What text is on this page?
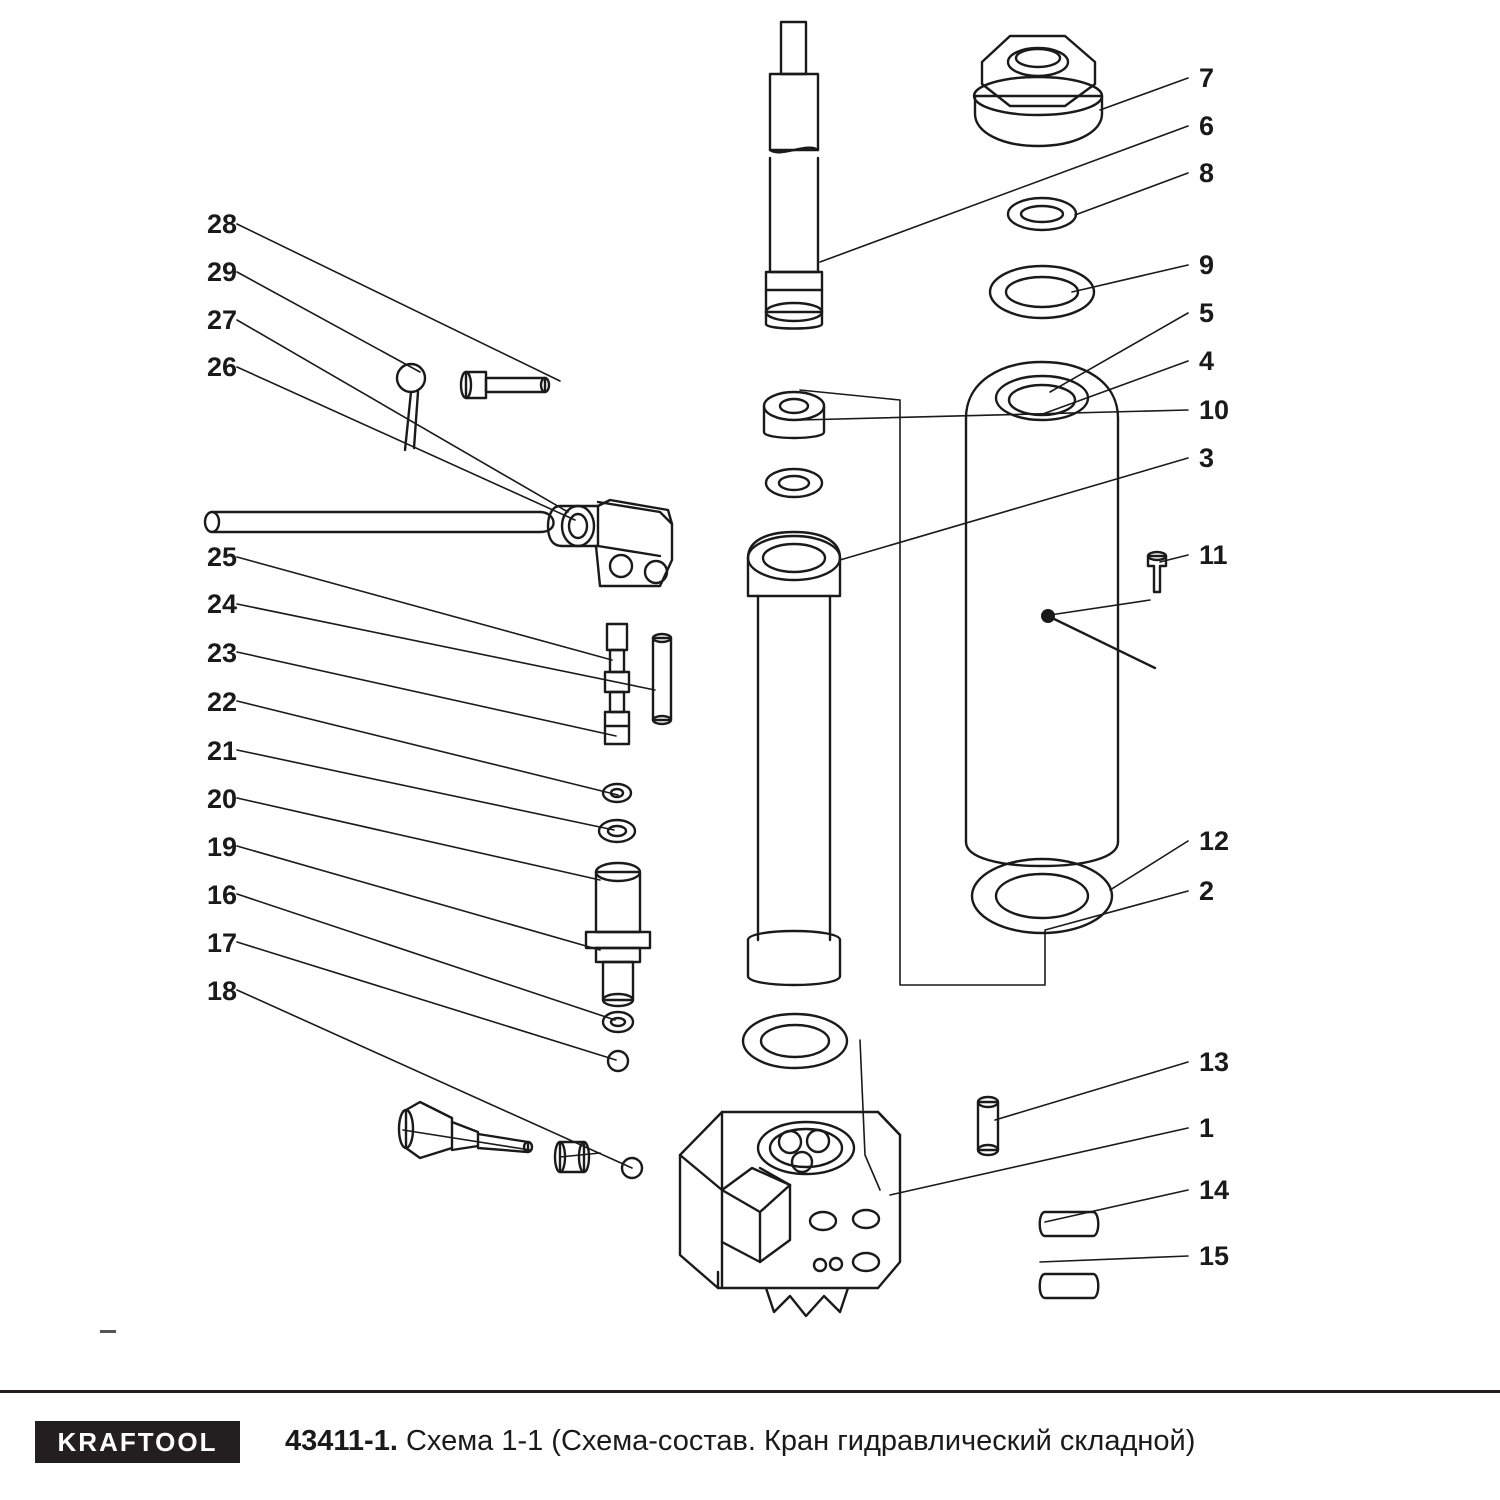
28
29
27
26
25
24
23
22
21
20
19
16
17
18
7
6
8
9
5
4
10
3
11
12
2
13
1
14
15
KRAFTOOL 43411-1. Схема 1-1 (Схема-состав. Кран гидравлический складной)
